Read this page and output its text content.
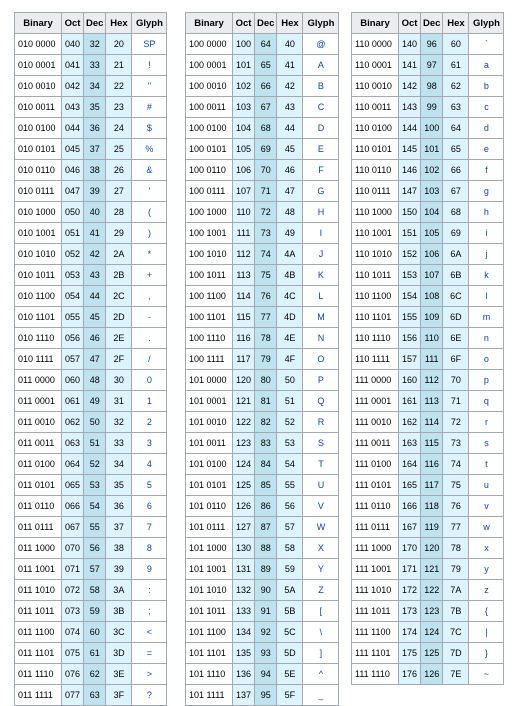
Binary	Oct	Dec	Hex	Glyph
010 0000	040	32	20	SP
010 0001	041	33	21	!
010 0010	042	34	22	"
010 0011	043	35	23	#
010 0100	044	36	24	$
010 0101	045	37	25	%
010 0110	046	38	26	&
010 0111	047	39	27	'
010 1000	050	40	28	(
010 1001	051	41	29	)
010 1010	052	42	2A	*
010 1011	053	43	2B	+
010 1100	054	44	2C	,
010 1101	055	45	2D	-
010 1110	056	46	2E	.
010 1111	057	47	2F	/
011 0000	060	48	30	0
011 0001	061	49	31	1
011 0010	062	50	32	2
011 0011	063	51	33	3
011 0100	064	52	34	4
011 0101	065	53	35	5
011 0110	066	54	36	6
011 0111	067	55	37	7
011 1000	070	56	38	8
011 1001	071	57	39	9
011 1010	072	58	3A	:
011 1011	073	59	3B	;
011 1100	074	60	3C	<
011 1101	075	61	3D	=
011 1110	076	62	3E	>
011 1111	077	63	3F	?
Binary	Oct	Dec	Hex	Glyph
100 0000	100	64	40	@
100 0001	101	65	41	A
100 0010	102	66	42	B
100 0011	103	67	43	C
100 0100	104	68	44	D
100 0101	105	69	45	E
100 0110	106	70	46	F
100 0111	107	71	47	G
100 1000	110	72	48	H
100 1001	111	73	49	I
100 1010	112	74	4A	J
100 1011	113	75	4B	K
100 1100	114	76	4C	L
100 1101	115	77	4D	M
100 1110	116	78	4E	N
100 1111	117	79	4F	O
101 0000	120	80	50	P
101 0001	121	81	51	Q
101 0010	122	82	52	R
101 0011	123	83	53	S
101 0100	124	84	54	T
101 0101	125	85	55	U
101 0110	126	86	56	V
101 0111	127	87	57	W
101 1000	130	88	58	X
101 1001	131	89	59	Y
101 1010	132	90	5A	Z
101 1011	133	91	5B	[
101 1100	134	92	5C	\
101 1101	135	93	5D	]
101 1110	136	94	5E	^
101 1111	137	95	5F	_
Binary	Oct	Dec	Hex	Glyph
110 0000	140	96	60	`
110 0001	141	97	61	a
110 0010	142	98	62	b
110 0011	143	99	63	c
110 0100	144	100	64	d
110 0101	145	101	65	e
110 0110	146	102	66	f
110 0111	147	103	67	g
110 1000	150	104	68	h
110 1001	151	105	69	i
110 1010	152	106	6A	j
110 1011	153	107	6B	k
110 1100	154	108	6C	l
110 1101	155	109	6D	m
110 1110	156	110	6E	n
110 1111	157	111	6F	o
111 0000	160	112	70	p
111 0001	161	113	71	q
111 0010	162	114	72	r
111 0011	163	115	73	s
111 0100	164	116	74	t
111 0101	165	117	75	u
111 0110	166	118	76	v
111 0111	167	119	77	w
111 1000	170	120	78	x
111 1001	171	121	79	y
111 1010	172	122	7A	z
111 1011	173	123	7B	{
111 1100	174	124	7C	|
111 1101	175	125	7D	}
111 1110	176	126	7E	~
